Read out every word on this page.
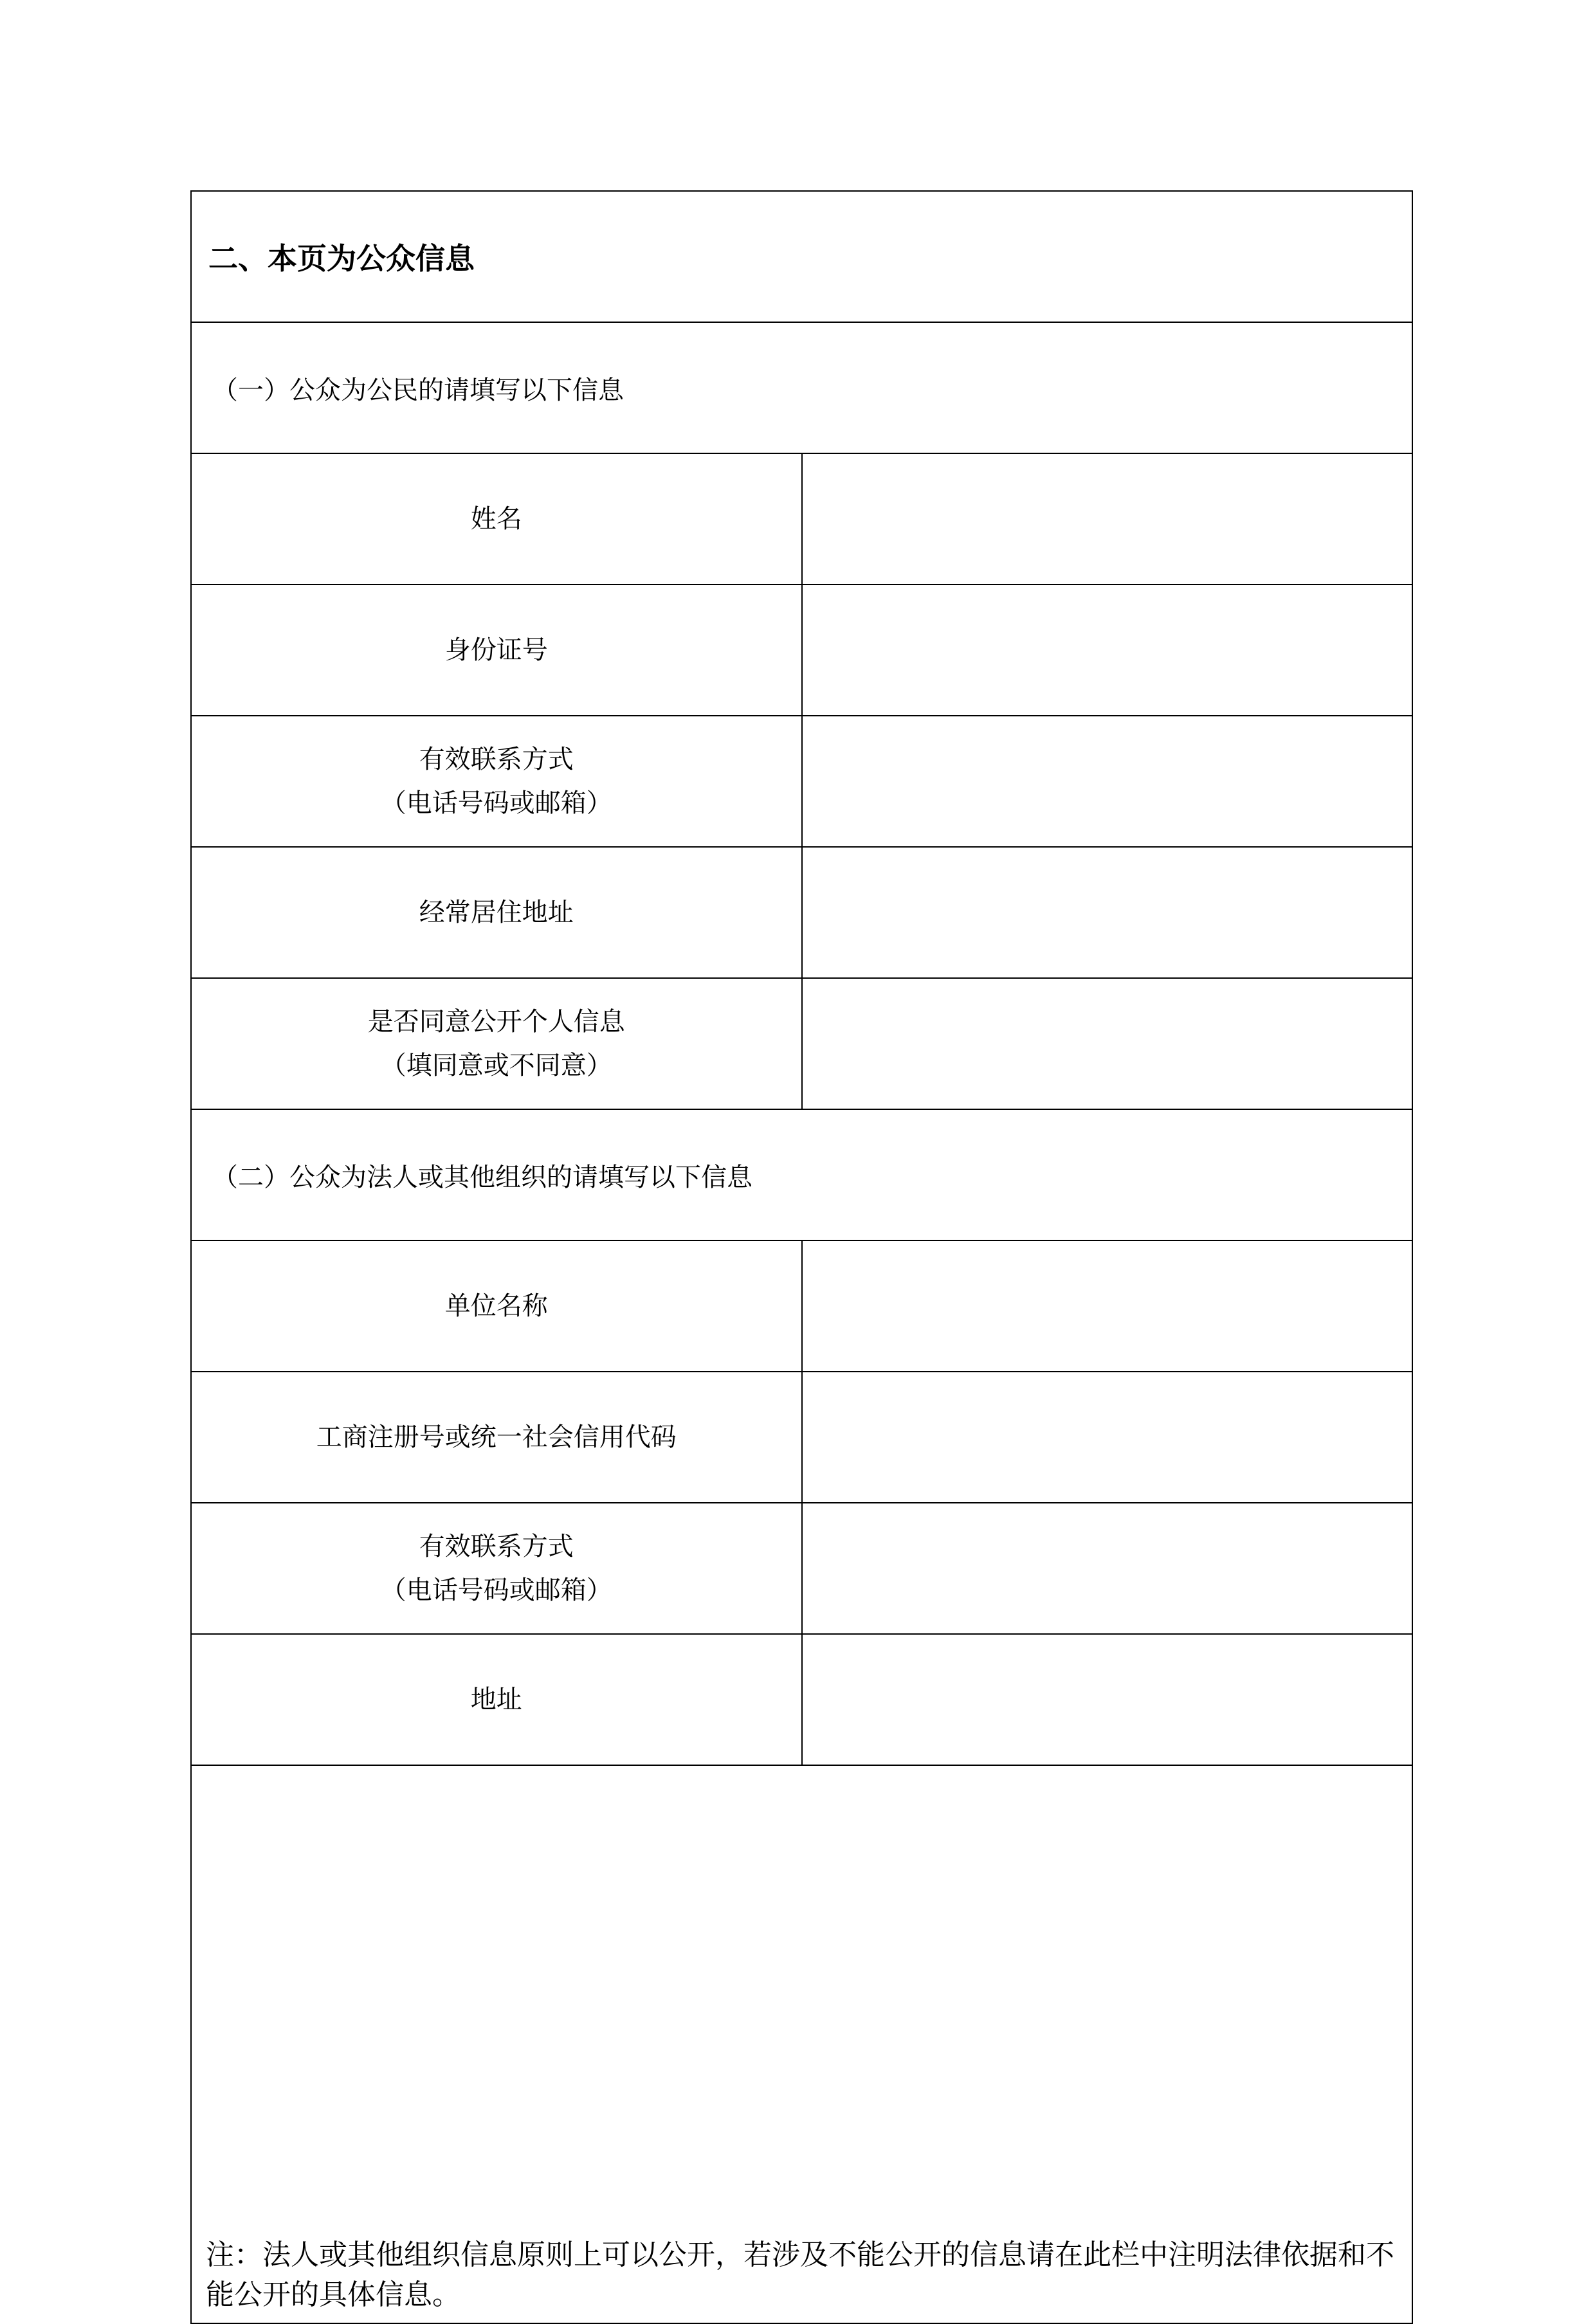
二、本页为公众信息	
（一）公众为公民的请填写以下信息	

姓名	

身份证号	

有效联系方式
（电话号码或邮箱）	

经常居住地址	

是否同意公开个人信息
（填同意或不同意）	

（二）公众为法人或其他组织的请填写以下信息	

单位名称	

工商注册号或统一社会信用代码	

有效联系方式
（电话号码或邮箱）	

地址	

注：法人或其他组织信息原则上可以公开，若涉及不能公开的信息请在此栏中注明法律依据和不能公开的具体信息。	
